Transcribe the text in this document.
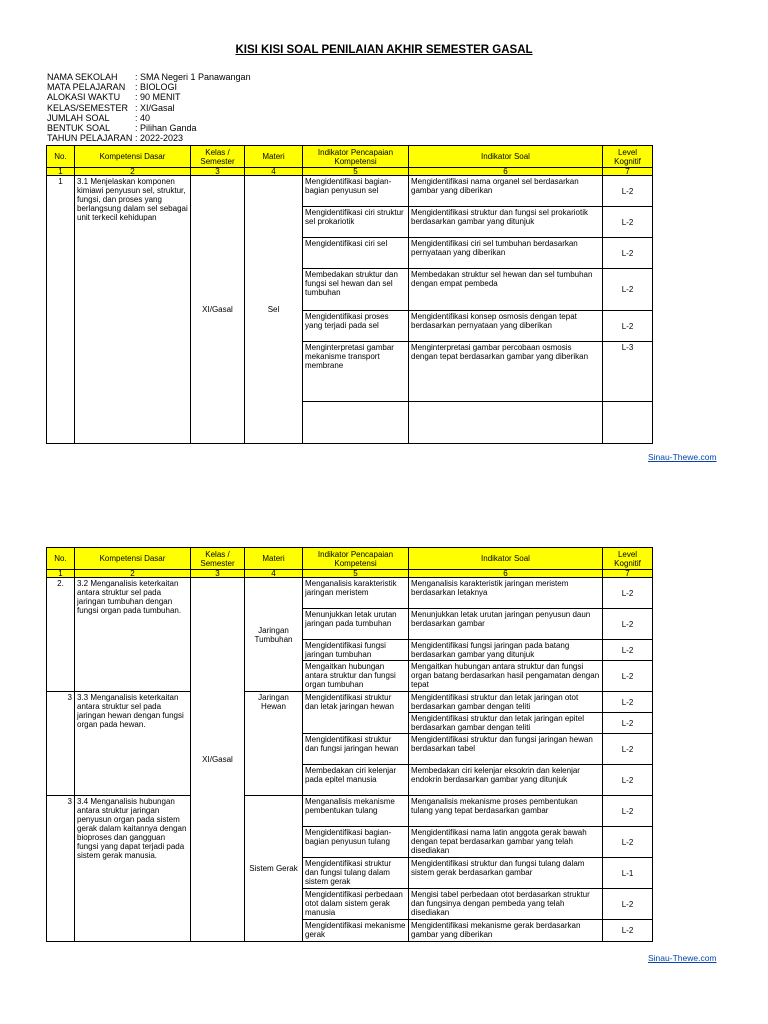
KISI KISI SOAL PENILAIAN AKHIR SEMESTER GASAL
NAMA SEKOLAH	: SMA Negeri 1 Panawangan
MATA PELAJARAN	: BIOLOGI
ALOKASI WAKTU	: 90 MENIT
KELAS/SEMESTER : XI/Gasal
JUMLAH SOAL	: 40
BENTUK SOAL	: Pilihan Ganda
TAHUN PELAJARAN : 2022-2023
No.	Kompetensi Dasar	Kelas / Semester	Materi	Indikator Pencapaian Kompetensi	Indikator Soal	Level Kognitif
1	2	3	4	5	6	7
1	3.1 Menjelaskan komponen kimiawi penyusun sel, struktur, fungsi, dan proses yang berlangsung dalam sel sebagai unit terkecil kehidupan	XI/Gasal	Sel	Mengidentifikasi bagian-bagian penyusun sel	Mengidentifikasi nama organel sel berdasarkan gambar yang diberikan	L-2
				Mengidentifikasi ciri struktur sel prokariotik	Mengidentifikasi struktur dan fungsi sel prokariotik berdasarkan gambar yang ditunjuk	L-2
				Mengidentifikasi ciri sel	Mengidentifikasi ciri sel tumbuhan berdasarkan pernyataan yang diberikan	L-2
				Membedakan struktur dan fungsi sel hewan dan sel tumbuhan	Membedakan struktur sel hewan dan sel tumbuhan dengan empat pembeda	L-2
				Mengidentifikasi proses yang terjadi pada sel	Mengidentifikasi konsep osmosis dengan tepat berdasarkan pernyataan yang diberikan	L-2
				Menginterpretasi gambar mekanisme transport membrane	Menginterpretasi gambar percobaan osmosis dengan tepat berdasarkan gambar yang diberikan	L-3

Sinau-Thewe.com
No.	Kompetensi Dasar	Kelas / Semester	Materi	Indikator Pencapaian Kompetensi	Indikator Soal	Level Kognitif
1	2	3	4	5	6	7
2.	3.2 Menganalisis keterkaitan antara struktur sel pada jaringan tumbuhan dengan fungsi organ pada tumbuhan.	XI/Gasal	Jaringan Tumbuhan	Menganalisis karakteristik jaringan meristem	Menganalisis karakteristik jaringan meristem berdasarkan letaknya	L-2
				Menunjukkan letak urutan jaringan pada tumbuhan	Menunjukkan letak urutan jaringan penyusun daun berdasarkan gambar	L-2
				Mengidentifikasi fungsi jaringan tumbuhan	Mengidentifikasi fungsi jaringan pada batang berdasarkan gambar yang ditunjuk	L-2
				Mengaitkan hubungan antara struktur dan fungsi organ tumbuhan	Mengaitkan hubungan antara struktur dan fungsi organ batang berdasarkan hasil pengamatan dengan tepat	L-2
3	3.3 Menganalisis keterkaitan antara struktur sel pada jaringan hewan dengan fungsi organ pada hewan.		Jaringan Hewan	Mengidentifikasi struktur dan letak jaringan hewan	Mengidentifikasi struktur dan letak jaringan otot berdasarkan gambar dengan teliti	L-2
					Mengidentifikasi struktur dan letak jaringan epitel berdasarkan gambar dengan teliti	L-2
				Mengidentifikasi struktur dan fungsi jaringan hewan	Mengidentifikasi struktur dan fungsi jaringan hewan berdasarkan tabel	L-2
				Membedakan ciri kelenjar pada epitel manusia	Membedakan ciri kelenjar eksokrin dan kelenjar endokrin berdasarkan gambar yang ditunjuk	L-2
3	3.4 Menganalisis hubungan antara struktur jaringan penyusun organ pada sistem gerak dalam kaitannya dengan bioproses dan gangguan fungsi yang dapat terjadi pada sistem gerak manusia.		Sistem Gerak	Menganalisis mekanisme pembentukan tulang	Menganalisis mekanisme proses pembentukan tulang yang tepat berdasarkan gambar	L-2
				Mengidentifikasi bagian-bagian penyusun tulang	Mengidentifikasi nama latin anggota gerak bawah dengan tepat berdasarkan gambar yang telah disediakan	L-2
				Mengidentifikasi struktur dan fungsi tulang dalam sistem gerak	Mengidentifikasi struktur dan fungsi tulang dalam sistem gerak berdasarkan gambar	L-1
				Mengidentifikasi perbedaan otot dalam sistem gerak manusia	Mengisi tabel perbedaan otot berdasarkan struktur dan fungsinya dengan pembeda yang telah disediakan	L-2
				Mengidentifikasi mekanisme gerak	Mengidentifikasi mekanisme gerak berdasarkan gambar yang diberikan	L-2
Sinau-Thewe.com
